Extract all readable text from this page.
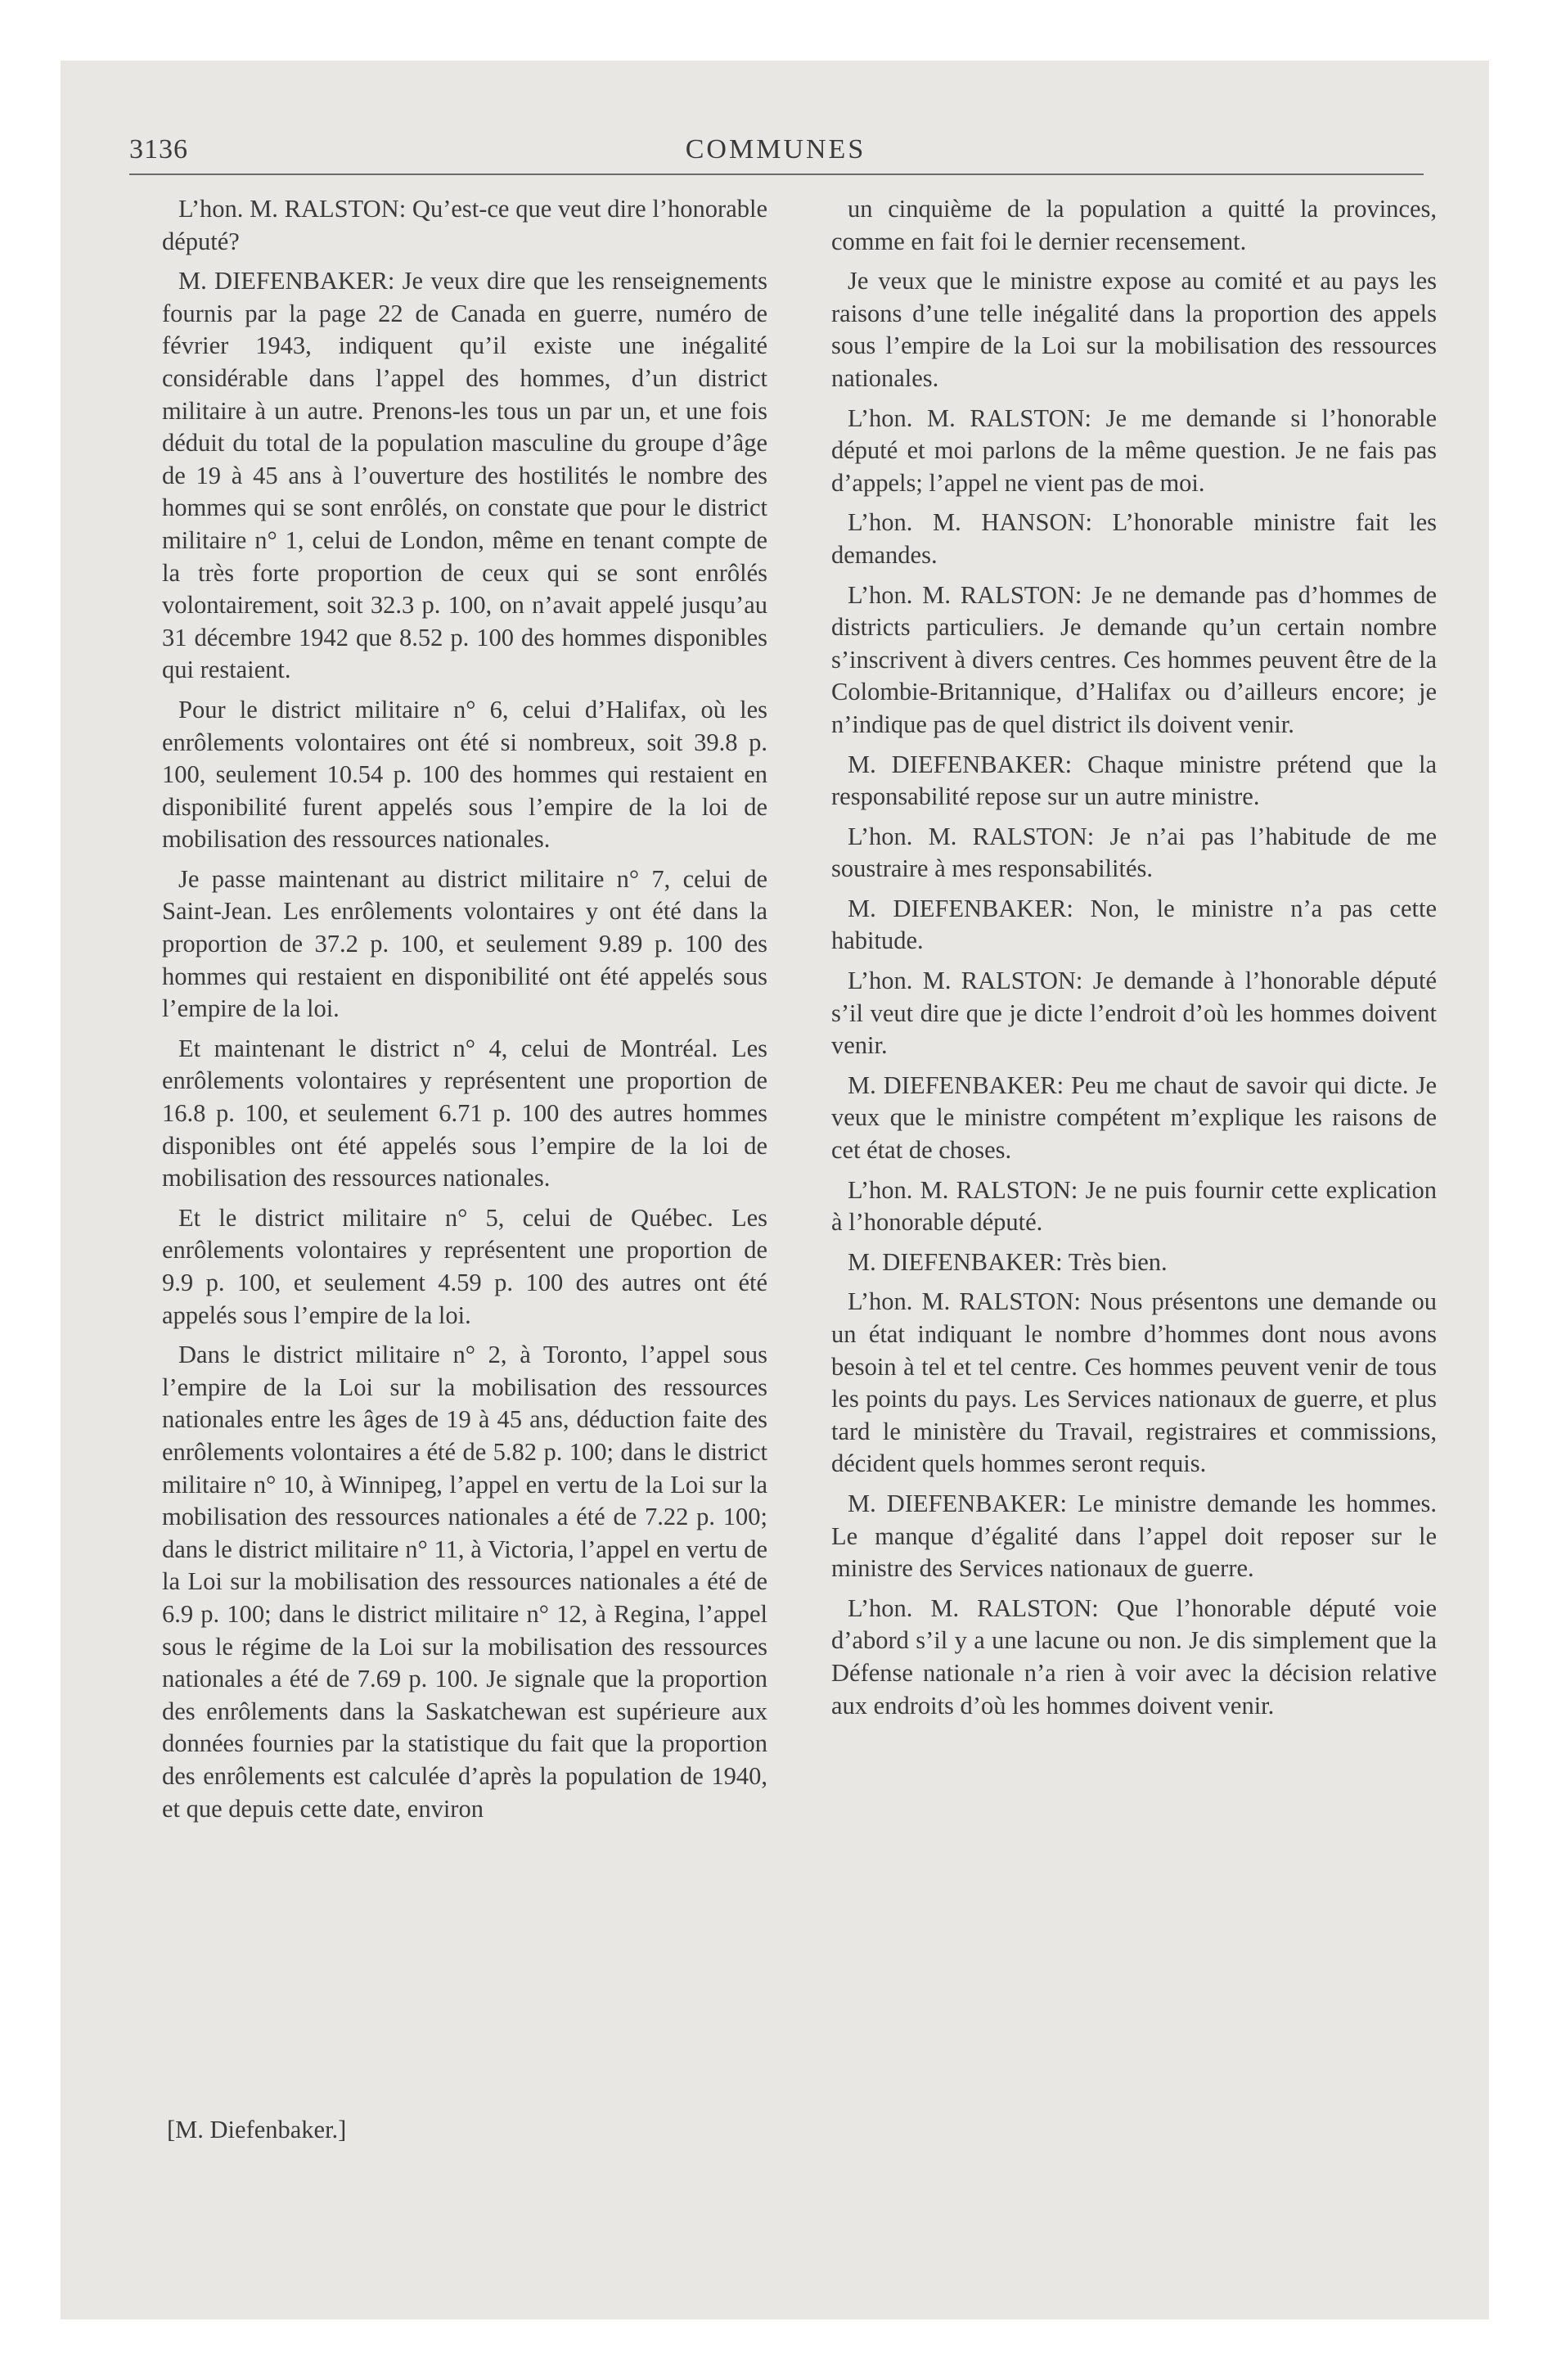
3136	COMMUNES

L’hon. M. RALSTON: Qu’est-ce que veut dire l’honorable député?

M. DIEFENBAKER: Je veux dire que les renseignements fournis par la page 22 de Canada en guerre, numéro de février 1943, indiquent qu’il existe une inégalité considérable dans l’appel des hommes, d’un district militaire à un autre. Prenons-les tous un par un, et une fois déduit du total de la population masculine du groupe d’âge de 19 à 45 ans à l’ouverture des hostilités le nombre des hommes qui se sont enrôlés, on constate que pour le district militaire n° 1, celui de London, même en tenant compte de la très forte proportion de ceux qui se sont enrôlés volontairement, soit 32.3 p. 100, on n’avait appelé jusqu’au 31 décembre 1942 que 8.52 p. 100 des hommes disponibles qui restaient.

Pour le district militaire n° 6, celui d’Halifax, où les enrôlements volontaires ont été si nombreux, soit 39.8 p. 100, seulement 10.54 p. 100 des hommes qui restaient en disponibilité furent appelés sous l’empire de la loi de mobilisation des ressources nationales.

Je passe maintenant au district militaire n° 7, celui de Saint-Jean. Les enrôlements volontaires y ont été dans la proportion de 37.2 p. 100, et seulement 9.89 p. 100 des hommes qui restaient en disponibilité ont été appelés sous l’empire de la loi.

Et maintenant le district n° 4, celui de Montréal. Les enrôlements volontaires y représentent une proportion de 16.8 p. 100, et seulement 6.71 p. 100 des autres hommes disponibles ont été appelés sous l’empire de la loi de mobilisation des ressources nationales.

Et le district militaire n° 5, celui de Québec. Les enrôlements volontaires y représentent une proportion de 9.9 p. 100, et seulement 4.59 p. 100 des autres ont été appelés sous l’empire de la loi.

Dans le district militaire n° 2, à Toronto, l’appel sous l’empire de la Loi sur la mobilisation des ressources nationales entre les âges de 19 à 45 ans, déduction faite des enrôlements volontaires a été de 5.82 p. 100; dans le district militaire n° 10, à Winnipeg, l’appel en vertu de la Loi sur la mobilisation des ressources nationales a été de 7.22 p. 100; dans le district militaire n° 11, à Victoria, l’appel en vertu de la Loi sur la mobilisation des ressources nationales a été de 6.9 p. 100; dans le district militaire n° 12, à Regina, l’appel sous le régime de la Loi sur la mobilisation des ressources nationales a été de 7.69 p. 100. Je signale que la proportion des enrôlements dans la Saskatchewan est supérieure aux données fournies par la statistique du fait que la proportion des enrôlements est calculée d’après la population de 1940, et que depuis cette date, environ

un cinquième de la population a quitté la provinces, comme en fait foi le dernier recensement.

Je veux que le ministre expose au comité et au pays les raisons d’une telle inégalité dans la proportion des appels sous l’empire de la Loi sur la mobilisation des ressources nationales.

L’hon. M. RALSTON: Je me demande si l’honorable député et moi parlons de la même question. Je ne fais pas d’appels; l’appel ne vient pas de moi.

L’hon. M. HANSON: L’honorable ministre fait les demandes.

L’hon. M. RALSTON: Je ne demande pas d’hommes de districts particuliers. Je demande qu’un certain nombre s’inscrivent à divers centres. Ces hommes peuvent être de la Colombie-Britannique, d’Halifax ou d’ailleurs encore; je n’indique pas de quel district ils doivent venir.

M. DIEFENBAKER: Chaque ministre prétend que la responsabilité repose sur un autre ministre.

L’hon. M. RALSTON: Je n’ai pas l’habitude de me soustraire à mes responsabilités.

M. DIEFENBAKER: Non, le ministre n’a pas cette habitude.

L’hon. M. RALSTON: Je demande à l’honorable député s’il veut dire que je dicte l’endroit d’où les hommes doivent venir.

M. DIEFENBAKER: Peu me chaut de savoir qui dicte. Je veux que le ministre compétent m’explique les raisons de cet état de choses.

L’hon. M. RALSTON: Je ne puis fournir cette explication à l’honorable député.

M. DIEFENBAKER: Très bien.

L’hon. M. RALSTON: Nous présentons une demande ou un état indiquant le nombre d’hommes dont nous avons besoin à tel et tel centre. Ces hommes peuvent venir de tous les points du pays. Les Services nationaux de guerre, et plus tard le ministère du Travail, registraires et commissions, décident quels hommes seront requis.

M. DIEFENBAKER: Le ministre demande les hommes. Le manque d’égalité dans l’appel doit reposer sur le ministre des Services nationaux de guerre.

L’hon. M. RALSTON: Que l’honorable député voie d’abord s’il y a une lacune ou non. Je dis simplement que la Défense nationale n’a rien à voir avec la décision relative aux endroits d’où les hommes doivent venir.

[M. Diefenbaker.]
